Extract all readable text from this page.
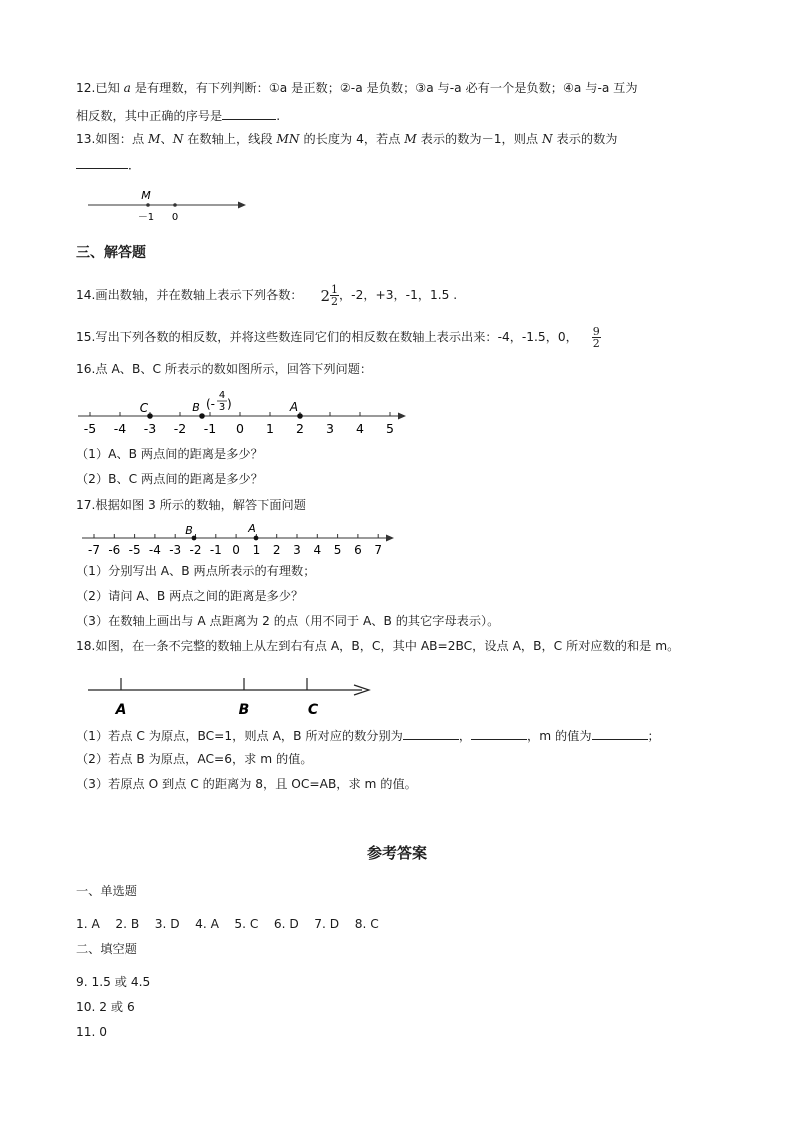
12.已知 a 是有理数，有下列判断：①a 是正数；②-a 是负数；③a 与-a 必有一个是负数；④a 与-a 互为
相反数，其中正确的序号是	.
13.如图：点 M、N 在数轴上，线段 MN 的长度为 4，若点 M 表示的数为－1，则点 N 表示的数为
．
M
－1 0
三、解答题
14.画出数轴，并在数轴上表示下列各数： $2 \frac{1}{2}$ ，-2，+3，-1，1.5 .
15.写出下列各数的相反数，并将这些数连同它们的相反数在数轴上表示出来：-4，-1.5，0， $\frac{9}{2}$
16.点 A、B、C 所表示的数如图所示，回答下列问题：
-5 -4 -3 -2 -1 0 1 2 3 4 5
C	B (-
4
3 )	A
（1）A、B 两点间的距离是多少？
（2）B、C 两点间的距离是多少？
17.根据如图 3 所示的数轴，解答下面问题
-7 -6 -5 -4 -3 -2 -1 0 1 2 3 4 5 6 7
B	A
（1）分别写出 A、B 两点所表示的有理数；
（2）请问 A、B 两点之间的距离是多少？
（3）在数轴上画出与 A 点距离为 2 的点（用不同于 A、B 的其它字母表示）。
18.如图，在一条不完整的数轴上从左到右有点 A，B，C，其中 AB=2BC，设点 A，B，C 所对应数的和是 m。
A	B	C
（1）若点 C 为原点，BC=1，则点 A，B 所对应的数分别为	，	，m 的值为	；
（2）若点 B 为原点，AC=6，求 m 的值。
（3）若原点 O 到点 C 的距离为 8，且 OC=AB，求 m 的值。
参考答案
一、单选题
1. A    2. B    3. D    4. A    5. C    6. D    7. D    8. C
二、填空题
9. 1.5 或 4.5
10. 2 或 6
11. 0
